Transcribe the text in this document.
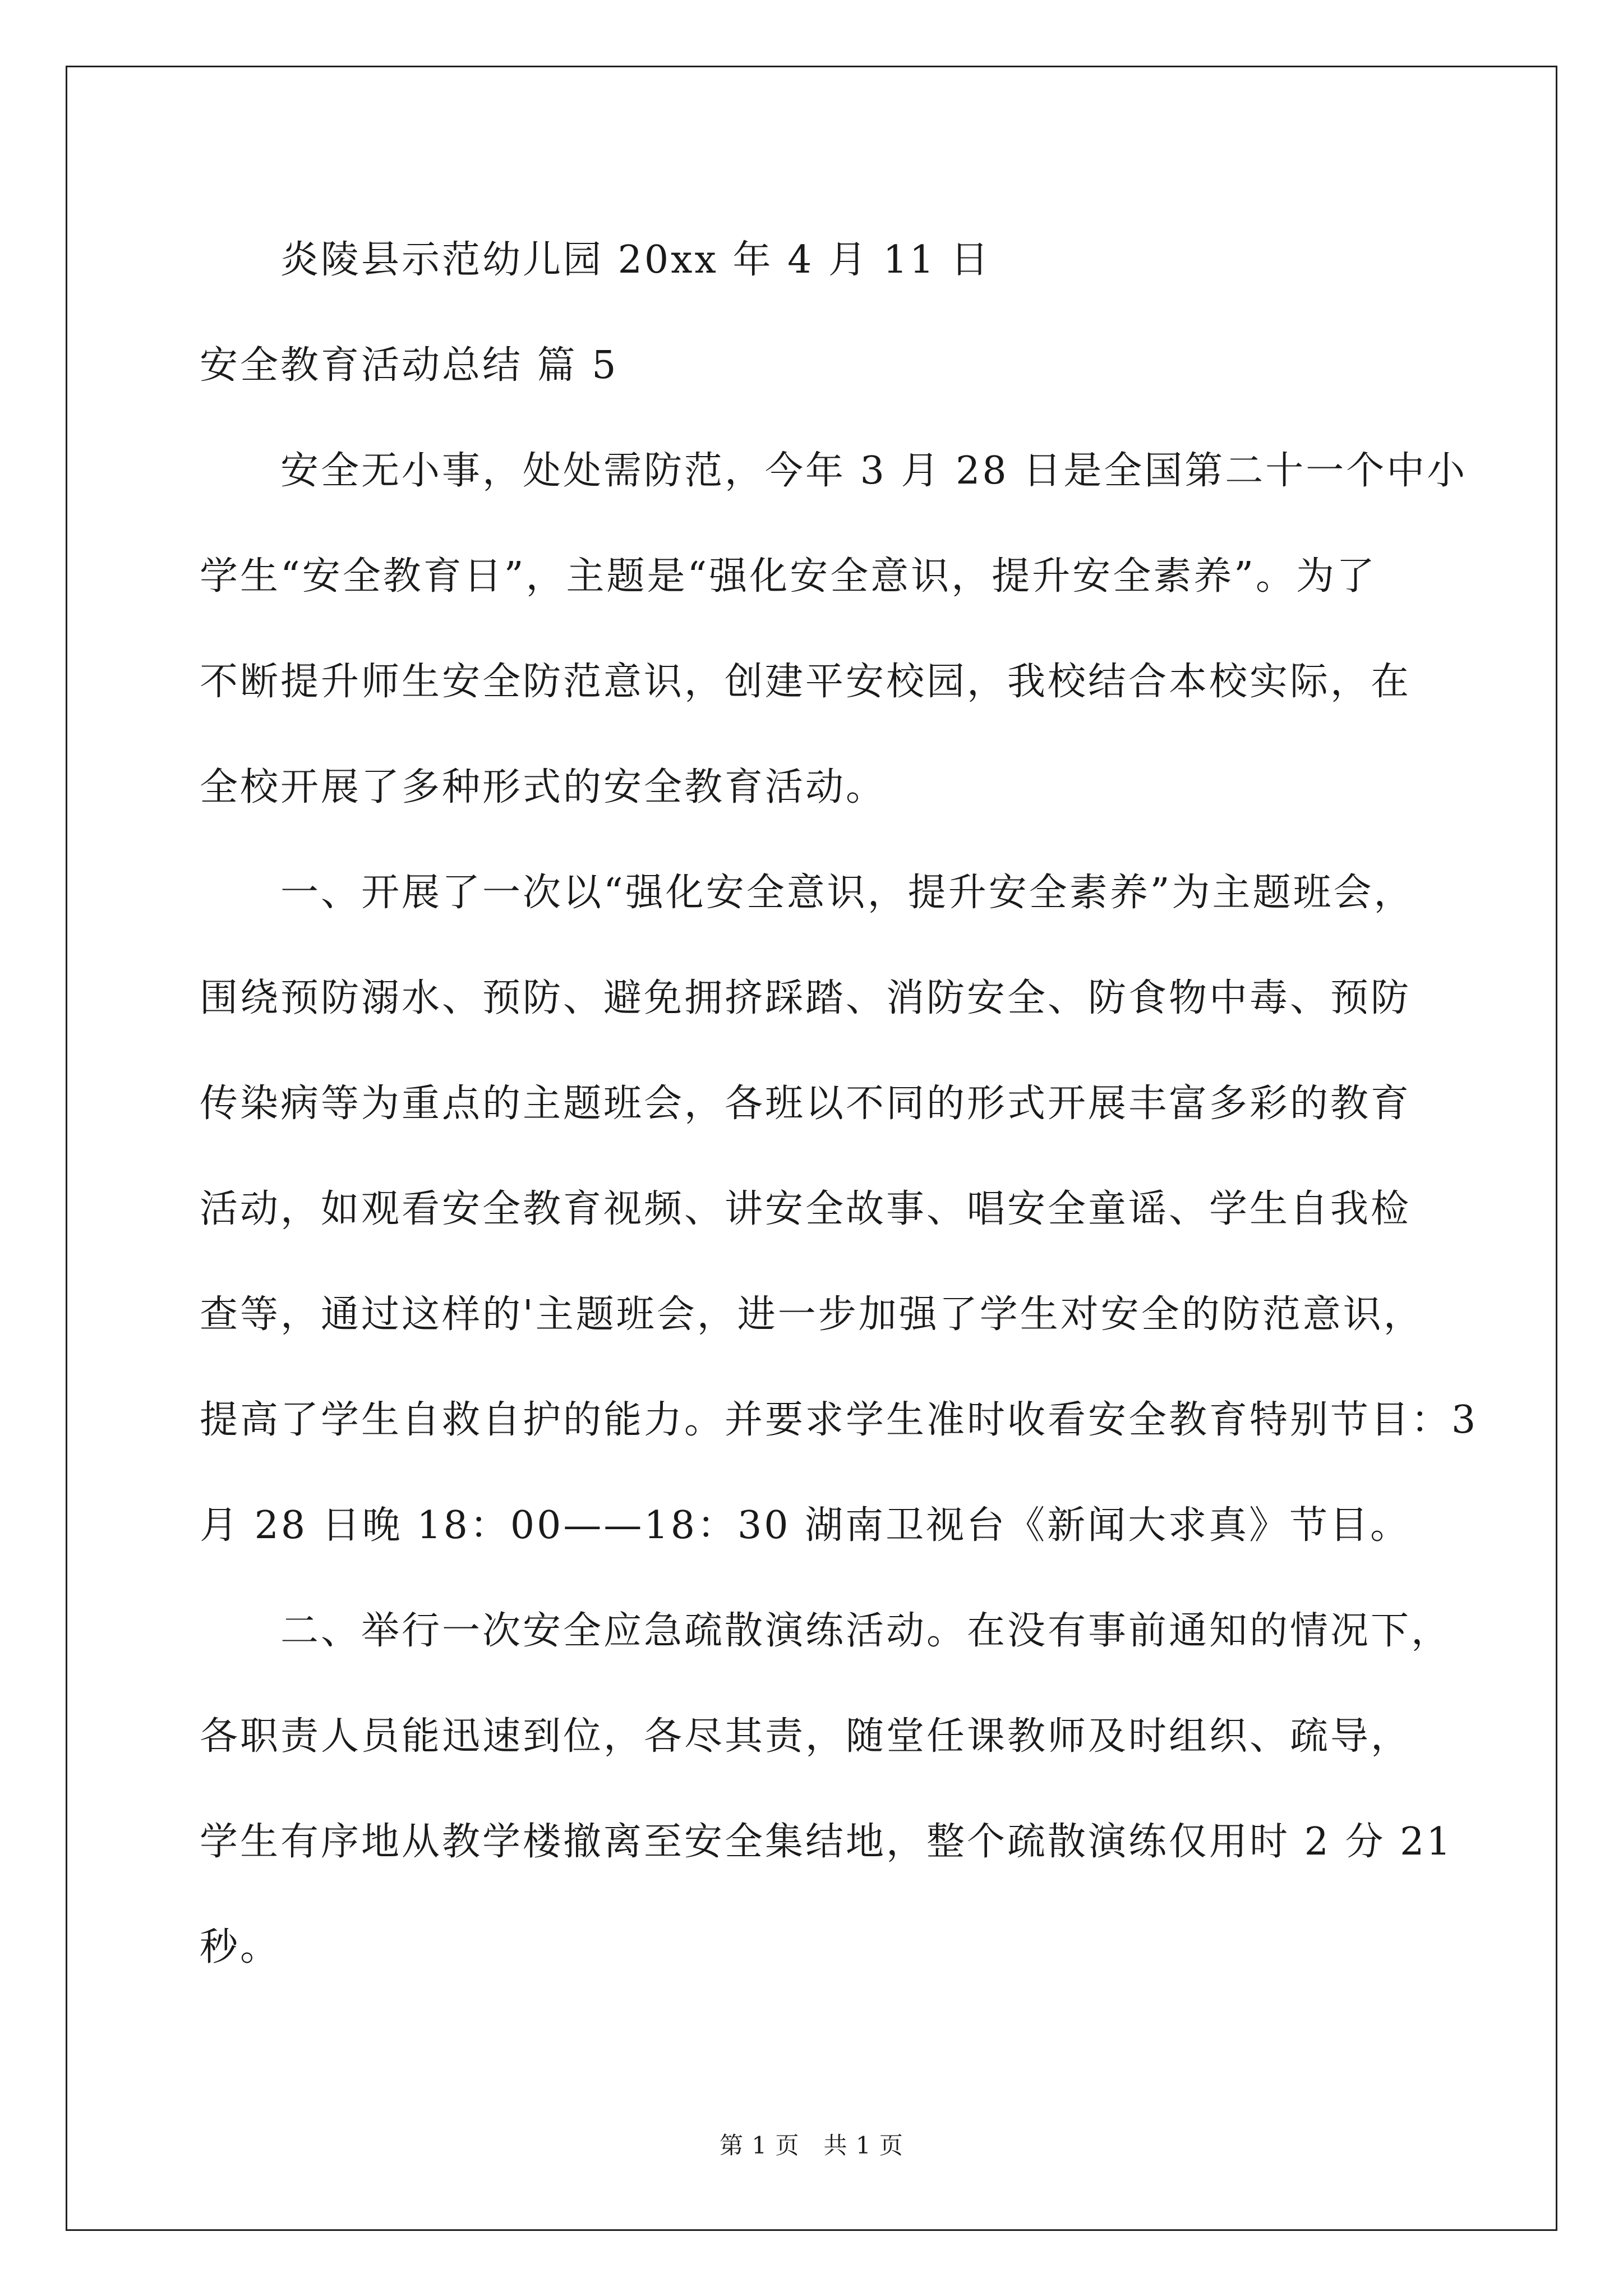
炎陵县示范幼儿园 20xx 年 4 月 11 日
安全教育活动总结 篇 5
安全无小事，处处需防范，今年 3 月 28 日是全国第二十一个中小
学生“安全教育日”，主题是“强化安全意识，提升安全素养”。为了
不断提升师生安全防范意识，创建平安校园，我校结合本校实际，在
全校开展了多种形式的安全教育活动。
一、开展了一次以“强化安全意识，提升安全素养”为主题班会，
围绕预防溺水、预防、避免拥挤踩踏、消防安全、防食物中毒、预防
传染病等为重点的主题班会，各班以不同的形式开展丰富多彩的教育
活动，如观看安全教育视频、讲安全故事、唱安全童谣、学生自我检
查等，通过这样的'主题班会，进一步加强了学生对安全的防范意识，
提高了学生自救自护的能力。并要求学生准时收看安全教育特别节目：3
月 28 日晚 18：00——18：30 湖南卫视台《新闻大求真》节目。
二、举行一次安全应急疏散演练活动。在没有事前通知的情况下，
各职责人员能迅速到位，各尽其责，随堂任课教师及时组织、疏导，
学生有序地从教学楼撤离至安全集结地，整个疏散演练仅用时 2 分 21
秒。
第 1 页　共 1 页
